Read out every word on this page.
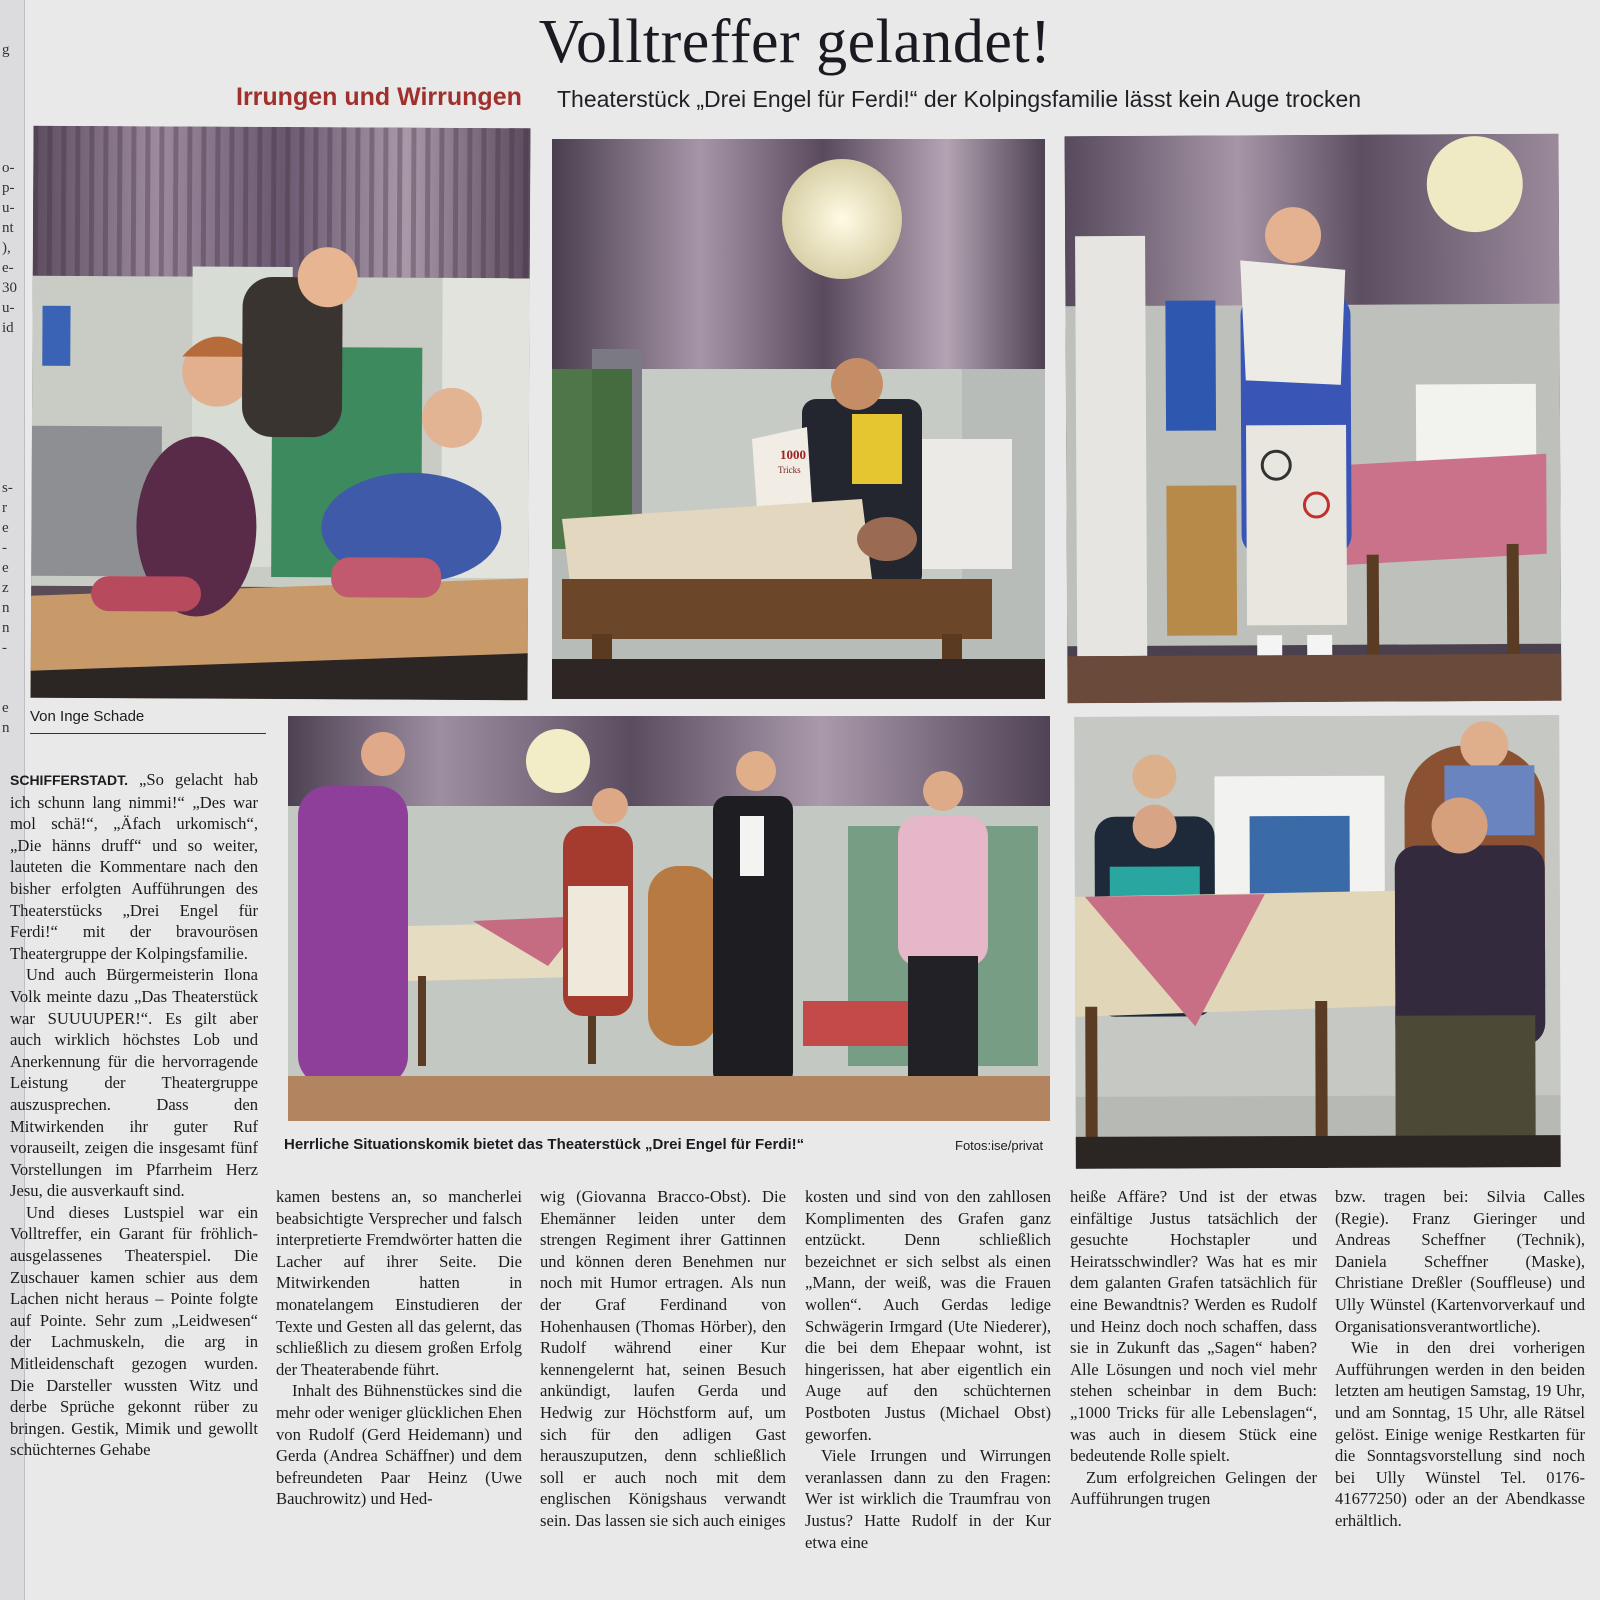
g
o-
p-
u-
nt
),
e-
30
u-
id
s-
r
e
-
e
z
n
n
-
e
n
Volltreffer gelandet!
Irrungen und Wirrungen Theaterstück „Drei Engel für Ferdi!“ der Kolpingsfamilie lässt kein Auge trocken
1000
Tricks
Von Inge Schade
Herrliche Situationskomik bietet das Theaterstück „Drei Engel für Ferdi!“	Fotos:ise/privat

SCHIFFERSTADT. „So gelacht hab ich schunn lang nimmi!“ „Des war mol schä!“, „Äfach urkomisch“, „Die hänns druff“ und so weiter, lauteten die Kommentare nach den bisher erfolgten Aufführungen des Theaterstücks „Drei Engel für Ferdi!“ mit der bravourösen Theatergruppe der Kolpingsfamilie.

Und auch Bürgermeisterin Ilona Volk meinte dazu „Das Theaterstück war SUUUUPER!“. Es gilt aber auch wirklich höchstes Lob und Anerkennung für die hervorragende Leistung der Theatergruppe auszusprechen. Dass den Mitwirkenden ihr guter Ruf vorauseilt, zeigen die insgesamt fünf Vorstellungen im Pfarrheim Herz Jesu, die ausverkauft sind.

Und dieses Lustspiel war ein Volltreffer, ein Garant für fröhlich-ausgelassenes Theaterspiel. Die Zuschauer kamen schier aus dem Lachen nicht heraus – Pointe folgte auf Pointe. Sehr zum „Leidwesen“ der Lachmuskeln, die arg in Mitleidenschaft gezogen wurden. Die Darsteller wussten Witz und derbe Sprüche gekonnt rüber zu bringen. Gestik, Mimik und gewollt schüchternes Gehabe

kamen bestens an, so mancherlei beabsichtigte Versprecher und falsch interpretierte Fremdwörter hatten die Lacher auf ihrer Seite. Die Mitwirkenden hatten in monatelangem Einstudieren der Texte und Gesten all das gelernt, das schließlich zu diesem großen Erfolg der Theaterabende führt.

Inhalt des Bühnenstückes sind die mehr oder weniger glücklichen Ehen von Rudolf (Gerd Heidemann) und Gerda (Andrea Schäffner) und dem befreundeten Paar Heinz (Uwe Bauchrowitz) und Hed-

wig (Giovanna Bracco-Obst). Die Ehemänner leiden unter dem strengen Regiment ihrer Gattinnen und können deren Benehmen nur noch mit Humor ertragen. Als nun der Graf Ferdinand von Hohenhausen (Thomas Hörber), den Rudolf während einer Kur kennengelernt hat, seinen Besuch ankündigt, laufen Gerda und Hedwig zur Höchstform auf, um sich für den adligen Gast herauszuputzen, denn schließlich soll er auch noch mit dem englischen Königshaus verwandt sein. Das lassen sie sich auch einiges

kosten und sind von den zahllosen Komplimenten des Grafen ganz entzückt. Denn schließlich bezeichnet er sich selbst als einen „Mann, der weiß, was die Frauen wollen“. Auch Gerdas ledige Schwägerin Irmgard (Ute Niederer), die bei dem Ehepaar wohnt, ist hingerissen, hat aber eigentlich ein Auge auf den schüchternen Postboten Justus (Michael Obst) geworfen.

Viele Irrungen und Wirrungen veranlassen dann zu den Fragen: Wer ist wirklich die Traumfrau von Justus? Hatte Rudolf in der Kur etwa eine

heiße Affäre? Und ist der etwas einfältige Justus tatsächlich der gesuchte Hochstapler und Heiratsschwindler? Was hat es mir dem galanten Grafen tatsächlich für eine Bewandtnis? Werden es Rudolf und Heinz doch noch schaffen, dass sie in Zukunft das „Sagen“ haben? Alle Lösungen und noch viel mehr stehen scheinbar in dem Buch: „1000 Tricks für alle Lebenslagen“, was auch in diesem Stück eine bedeutende Rolle spielt.

Zum erfolgreichen Gelingen der Aufführungen trugen

bzw. tragen bei: Silvia Calles (Regie). Franz Gieringer und Andreas Scheffner (Technik), Daniela Scheffner (Maske), Christiane Dreßler (Souffleuse) und Ully Wünstel (Kartenvorverkauf und Organisationsverantwortliche).

Wie in den drei vorherigen Aufführungen werden in den beiden letzten am heutigen Samstag, 19 Uhr, und am Sonntag, 15 Uhr, alle Rätsel gelöst. Einige wenige Restkarten für die Sonntagsvorstellung sind noch bei Ully Wünstel Tel. 0176-41677250) oder an der Abendkasse erhältlich.
